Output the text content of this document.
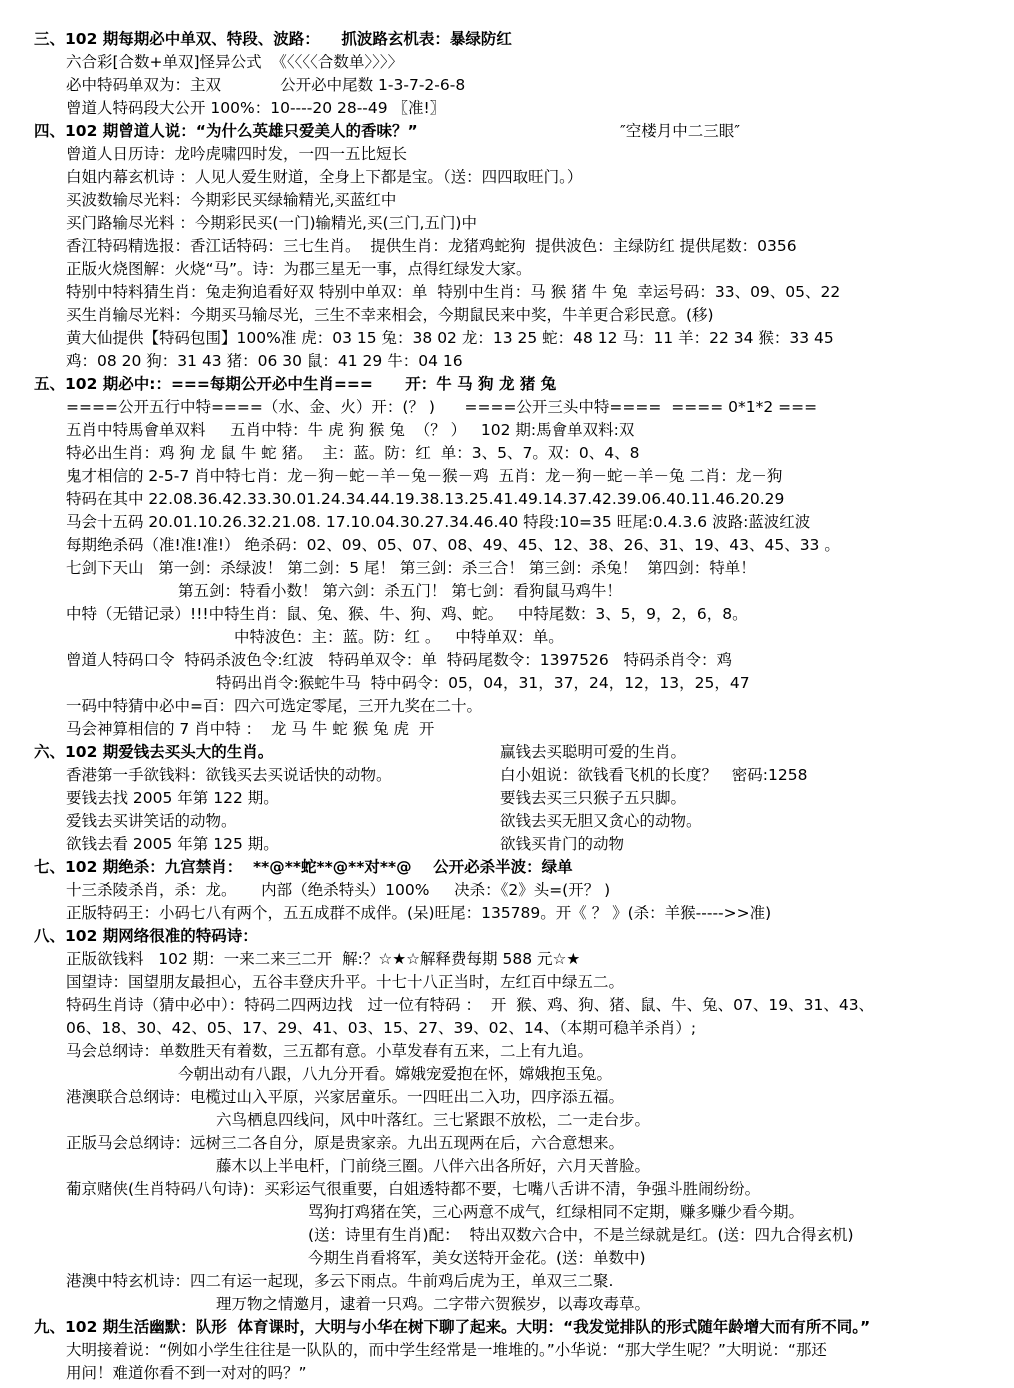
三、102 期每期必中单双、特段、波路：    抓波路玄机表：暴绿防红
六合彩[合数+单双]怪异公式  《〈〈〈〈合数单〉〉〉〉
必中特码单双为：主双            公开必中尾数 1-3-7-2-6-8
曾道人特码段大公开 100%：10----20 28--49 〖准!〗
四、102 期曾道人说：“为什么英雄只爱美人的香味？”	″空楼月中二三眼″
曾道人日历诗：龙吟虎啸四时发，一四一五比短长
白姐内幕玄机诗 ：人见人爱生财道，全身上下都是宝。（送：四四取旺门。）
买波数输尽光料：今期彩民买绿输精光,买蓝红中
买门路输尽光料 ：今期彩民买(一门)输精光,买(三门,五门)中
香江特码精选报：香江话特码：三七生肖。  提供生肖：龙猪鸡蛇狗  提供波色：主绿防红 提供尾数：0356
正版火烧图解：火烧“马”。诗：为郡三星无一事，点得红绿发大家。
特别中特料猜生肖：兔走狗追看好双 特别中单双：单  特别中生肖：马 猴 猪 牛 兔  幸运号码：33、09、05、22
买生肖输尽光料：今期买马输尽光，三生不幸来相会，今期鼠民来中奖，牛羊更合彩民意。(移)
黄大仙提供【特码包围】100%准 虎：03 15 兔：38 02 龙：13 25 蛇：48 12 马：11 羊：22 34 猴：33 45
鸡：08 20 狗：31 43 猪：06 30 鼠：41 29 牛：04 16
五、102 期必中:：===每期公开必中生肖===      开：牛 马 狗 龙 猪 兔
====公开五行中特====（水、金、火）开：(？ )      ====公开三头中特====  ==== 0*1*2 ===
五肖中特馬會单双料     五肖中特：牛 虎 狗 猴 兔  （？ ）   102 期:馬會单双料:双
特必出生肖：鸡 狗 龙 鼠 牛 蛇 猪。  主：蓝。防：红  单：3、5、7。双：0、4、8
鬼才相信的 2-5-7 肖中特七肖：龙－狗－蛇－羊－兔－猴－鸡  五肖：龙－狗－蛇－羊－兔 二肖：龙－狗
特码在其中 22.08.36.42.33.30.01.24.34.44.19.38.13.25.41.49.14.37.42.39.06.40.11.46.20.29
马会十五码 20.01.10.26.32.21.08. 17.10.04.30.27.34.46.40 特段:10=35 旺尾:0.4.3.6 波路:蓝波红波
每期绝杀码（准!准!准!） 绝杀码：02、09、05、07、08、49、45、12、38、26、31、19、43、45、33 。
七剑下天山   第一剑：杀绿波！ 第二剑：5 尾！ 第三剑：杀三合！ 第三剑：杀兔！  第四剑：特单！
第五剑：特看小数！ 第六剑：杀五门！ 第七剑：看狗鼠马鸡牛！
中特（无错记录）!!!中特生肖：鼠、兔、猴、牛、狗、鸡、蛇。   中特尾数：3、5，9，2，6，8。
中特波色：主：蓝。防：红 。   中特单双：单。
曾道人特码口令  特码杀波色令:红波   特码单双令：单  特码尾数令：1397526   特码杀肖令：鸡
特码出肖令:猴蛇牛马  特中码令：05，04，31，37，24，12，13，25，47
一码中特猜中必中=百：四六可选定零尾，三开九奖在二十。
马会神算相信的 7 肖中特 ：  龙 马 牛 蛇 猴 兔 虎  开
六、102 期爱钱去买头大的生肖。	赢钱去买聪明可爱的生肖。
香港第一手欲钱料：欲钱买去买说话快的动物。	白小姐说：欲钱看飞机的长度？   密码:1258
要钱去找 2005 年第 122 期。	要钱去买三只猴子五只脚。
爱钱去买讲笑话的动物。	欲钱去买无胆又贪心的动物。
欲钱去看 2005 年第 125 期。	欲钱买肯门的动物
七、102 期绝杀：九宫禁肖：  **@**蛇**@**对**@    公开必杀半波：绿单
十三杀陵杀肖，杀：龙。     内部（绝杀特头）100%     决杀：《2》头=(开？ )
正版特码王：小码七八有两个，五五成群不成伴。(呆)旺尾：135789。开《 ？ 》(杀：羊猴----->>准)
八、102 期网络很准的特码诗：
正版欲钱料   102 期：一来二来三二开  解:？☆★☆解释费每期 588 元☆★
国望诗：国望朋友最担心，五谷丰登庆升平。十七十八正当时，左红百中绿五二。
特码生肖诗（猜中必中）：特码二四两边找   过一位有特码 ：  开  猴、鸡、狗、猪、鼠、牛、兔、07、19、31、43、
06、18、30、42、05、17、29、41、03、15、27、39、02、14、（本期可稳羊杀肖）;
马会总纲诗：单数胜天有着数，三五都有意。小草发春有五来，二上有九追。
今朝出动有八跟，八九分开看。嫦娥宠爱抱在怀，嫦娥抱玉兔。
港澳联合总纲诗：电榄过山入平原，兴家居童乐。一四旺出二入功，四序添五福。
六鸟栖息四线问，风中叶落红。三七紧跟不放松，二一走台步。
正版马会总纲诗：远树三二各自分，原是贵家亲。九出五现两在后，六合意想来。
藤木以上半电杆，门前绕三圈。八伴六出各所好，六月天普脸。
葡京赌侠(生肖特码八句诗)：买彩运气很重要，白姐透特都不要，七嘴八舌讲不清，争强斗胜闹纷纷。
骂狗打鸡猪在笑，三心两意不成气，红绿相同不定期，赚多赚少看今期。
(送：诗里有生肖)配：  特出双数六合中，不是兰绿就是红。(送：四九合得玄机)
今期生肖看将军，美女送特开金花。(送：单数中)
港澳中特玄机诗：四二有运一起现，多云下雨点。牛前鸡后虎为王，单双三二聚.
理万物之情邀月，逮着一只鸡。二字带六贺猴岁，以毒攻毒草。
九、102 期生活幽默：队形  体育课时，大明与小华在树下聊了起来。大明：“我发觉排队的形式随年龄增大而有所不同。”
大明接着说：“例如小学生往往是一队队的，而中学生经常是一堆堆的。”小华说：“那大学生呢？”大明说：“那还
用问！难道你看不到一对对的吗？”
